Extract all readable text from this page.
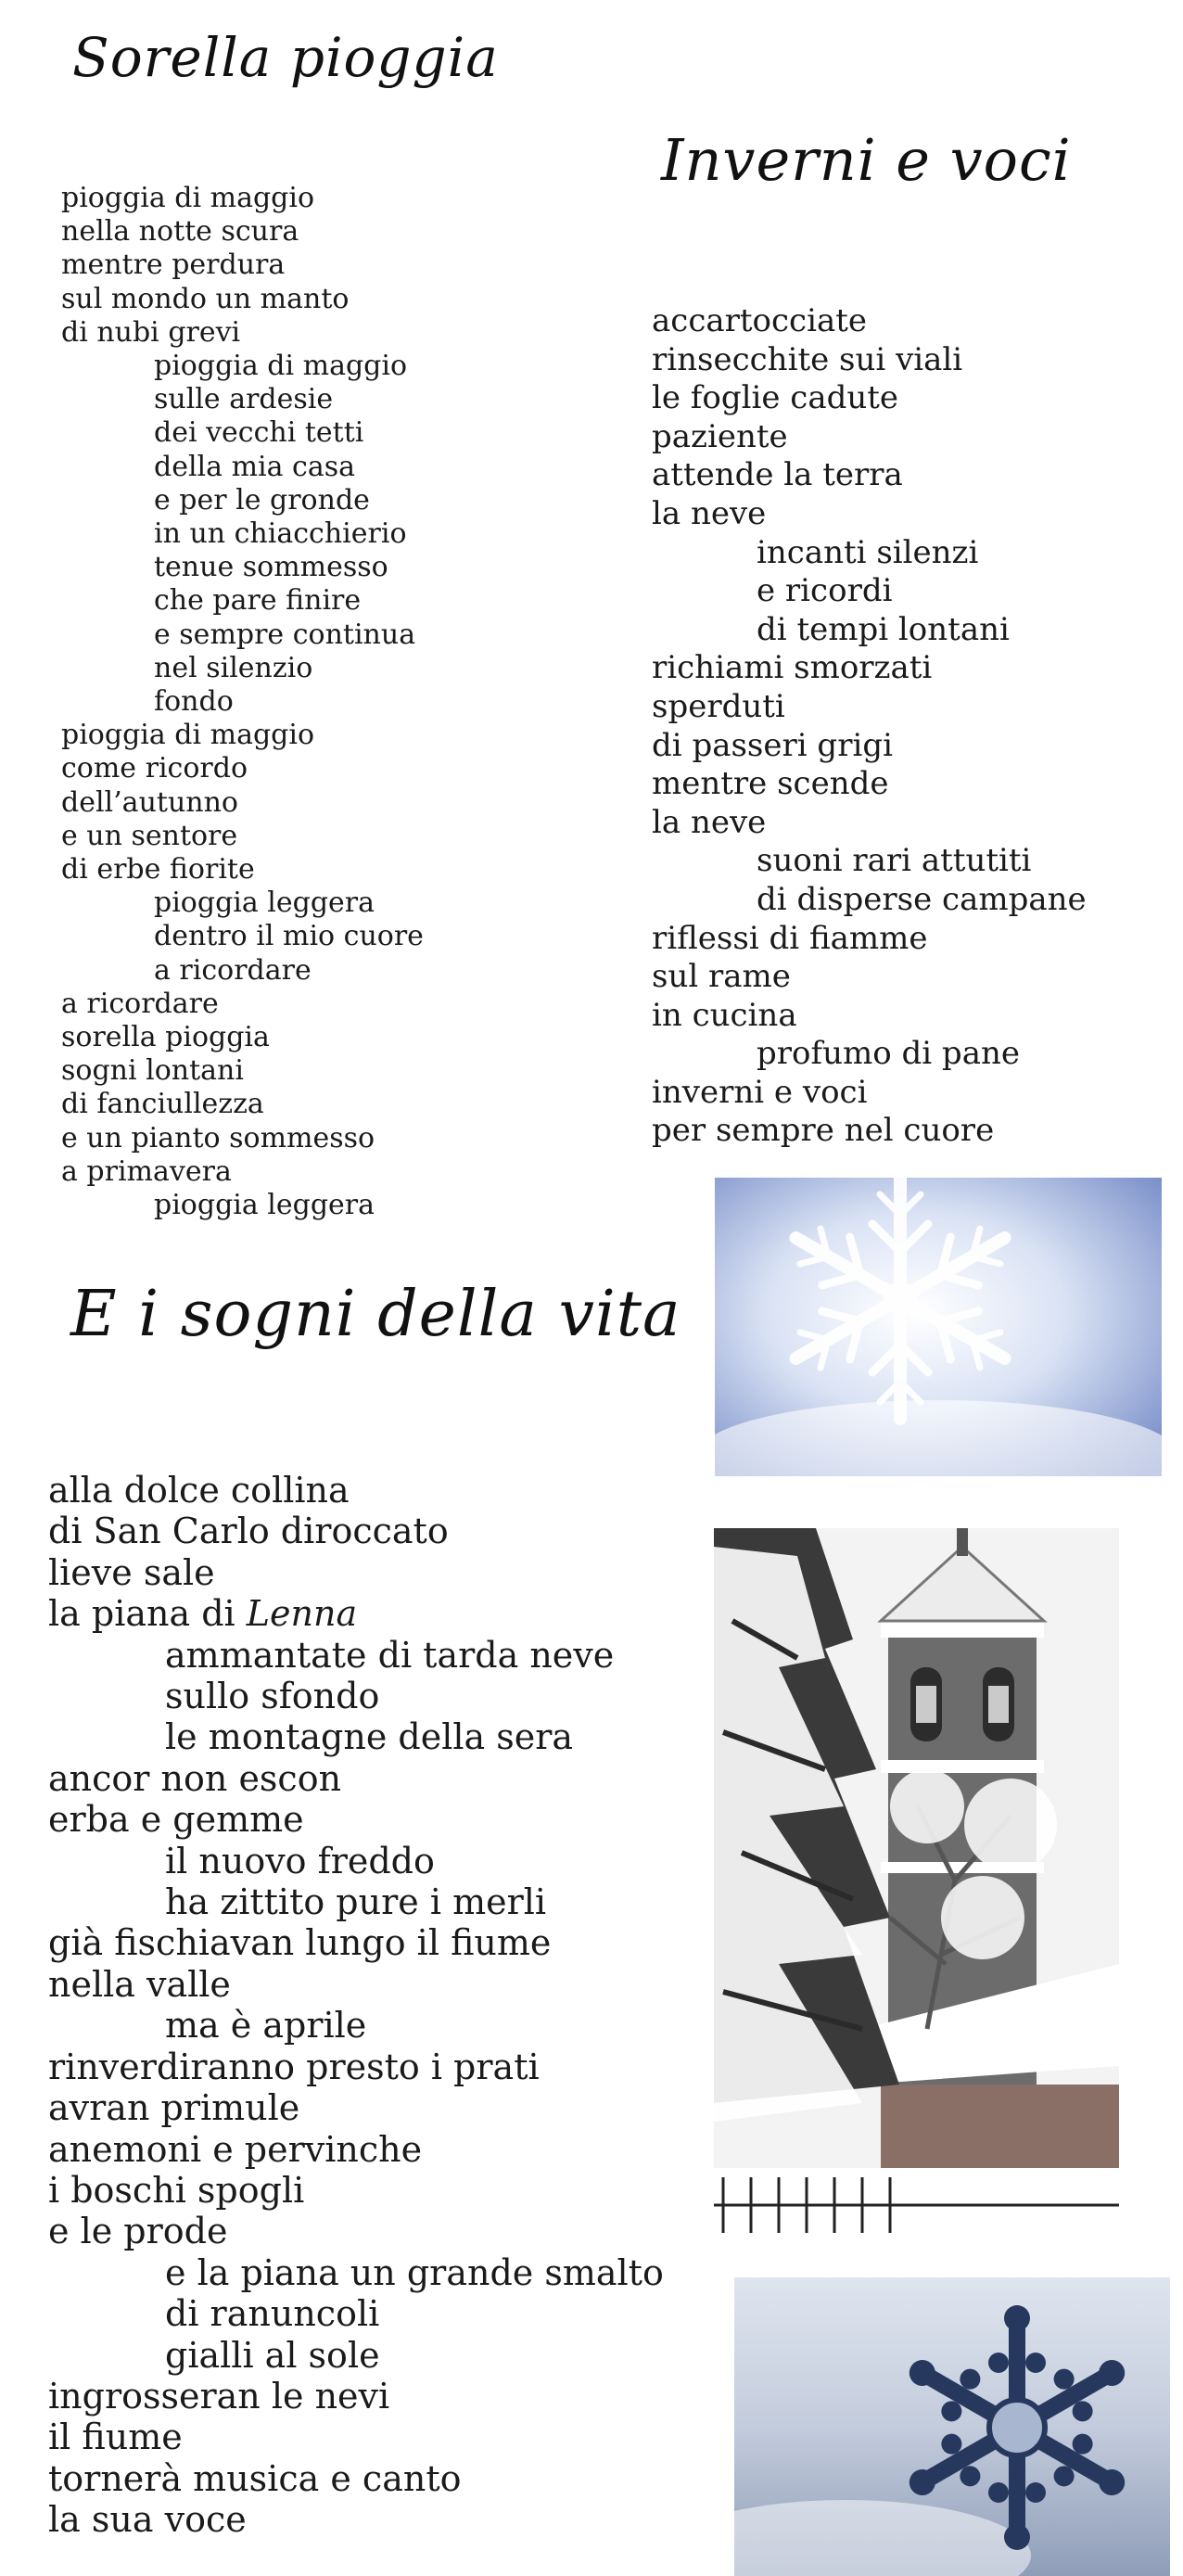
Sorella pioggia
Inverni e voci
E i sogni della vita
pioggia di maggio
nella notte scura
mentre perdura
sul mondo un manto
di nubi grevi
pioggia di maggio
sulle ardesie
dei vecchi tetti
della mia casa
e per le gronde
in un chiacchierio
tenue sommesso
che pare finire
e sempre continua
nel silenzio
fondo
pioggia di maggio
come ricordo
dell’autunno
e un sentore
di erbe fiorite
pioggia leggera
dentro il mio cuore
a ricordare
a ricordare
sorella pioggia
sogni lontani
di fanciullezza
e un pianto sommesso
a primavera
pioggia leggera
accartocciate
rinsecchite sui viali
le foglie cadute
paziente
attende la terra
la neve
incanti silenzi
e ricordi
di tempi lontani
richiami smorzati
sperduti
di passeri grigi
mentre scende
la neve
suoni rari attutiti
di disperse campane
riflessi di fiamme
sul rame
in cucina
profumo di pane
inverni e voci
per sempre nel cuore
alla dolce collina
di San Carlo diroccato
lieve sale
la piana di Lenna
ammantate di tarda neve
sullo sfondo
le montagne della sera
ancor non escon
erba e gemme
il nuovo freddo
ha zittito pure i merli
già fischiavan lungo il fiume
nella valle
ma è aprile
rinverdiranno presto i prati
avran primule
anemoni e pervinche
i boschi spogli
e le prode
e la piana un grande smalto
di ranuncoli
gialli al sole
ingrosseran le nevi
il fiume
tornerà musica e canto
la sua voce
